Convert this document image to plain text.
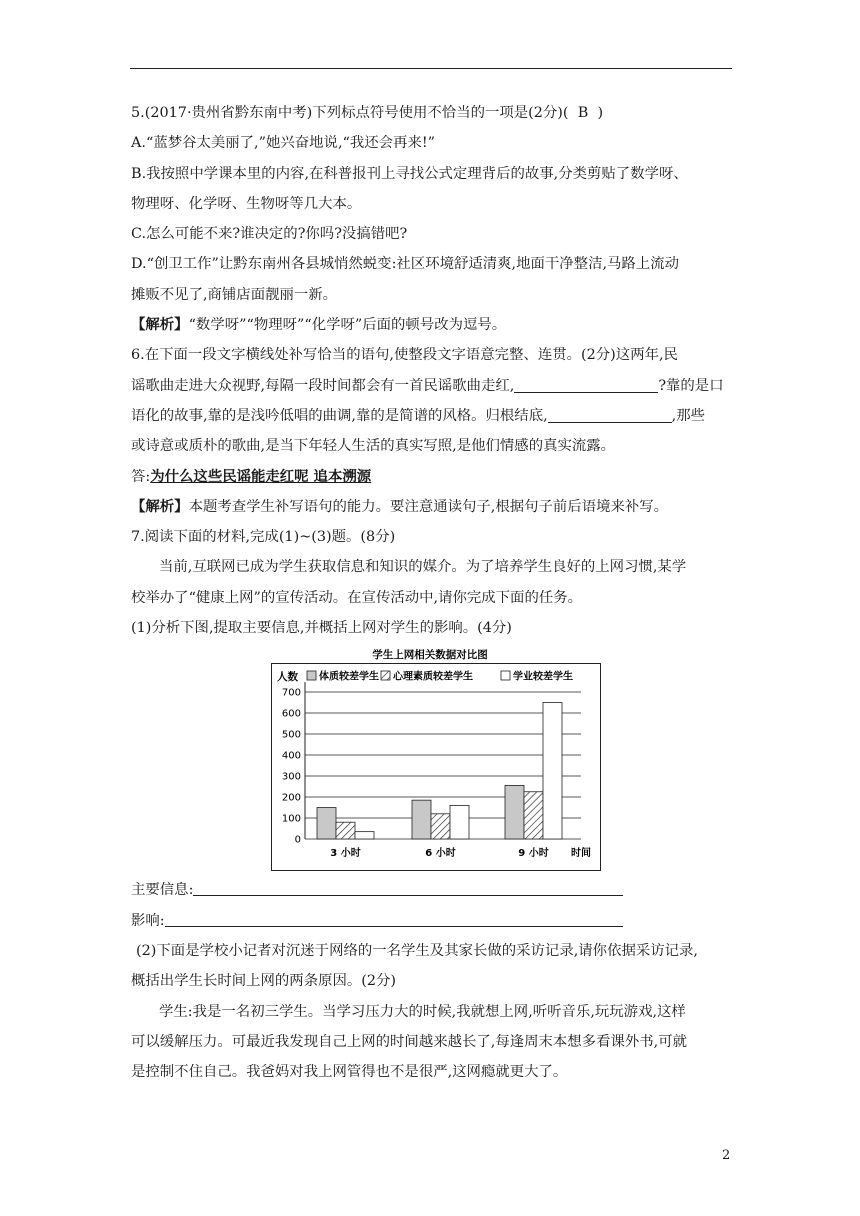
5.(2017·贵州省黔东南中考)下列标点符号使用不恰当的一项是(2分)( B )
A.“蓝梦谷太美丽了,”她兴奋地说,“我还会再来!”
B.我按照中学课本里的内容,在科普报刊上寻找公式定理背后的故事,分类剪贴了数学呀、
物理呀、化学呀、生物呀等几大本。
C.怎么可能不来?谁决定的?你吗?没搞错吧?
D.“创卫工作”让黔东南州各县城悄然蜕变:社区环境舒适清爽,地面干净整洁,马路上流动
摊贩不见了,商铺店面靓丽一新。
【解析】“数学呀”“物理呀”“化学呀”后面的顿号改为逗号。
6.在下面一段文字横线处补写恰当的语句,使整段文字语意完整、连贯。(2分)这两年,民
谣歌曲走进大众视野,每隔一段时间都会有一首民谣歌曲走红,	?靠的是口
语化的故事,靠的是浅吟低唱的曲调,靠的是简谱的风格。归根结底,	,那些
或诗意或质朴的歌曲,是当下年轻人生活的真实写照,是他们情感的真实流露。
答:为什么这些民谣能走红呢 追本溯源
【解析】本题考查学生补写语句的能力。要注意通读句子,根据句子前后语境来补写。
7.阅读下面的材料,完成(1)~(3)题。(8分)
当前,互联网已成为学生获取信息和知识的媒介。为了培养学生良好的上网习惯,某学
校举办了“健康上网”的宣传活动。在宣传活动中,请你完成下面的任务。
(1)分析下图,提取主要信息,并概括上网对学生的影响。(4分)
学生上网相关数据对比图
0
100
200
300
400
500
600
700
人数 体质较差学生 心理素质较差学生	学业较差学生
3 小时	6 小时	9 小时 时间
主要信息:
影响:
(2)下面是学校小记者对沉迷于网络的一名学生及其家长做的采访记录,请你依据采访记录,
概括出学生长时间上网的两条原因。(2分)
学生:我是一名初三学生。当学习压力大的时候,我就想上网,听听音乐,玩玩游戏,这样
可以缓解压力。可最近我发现自己上网的时间越来越长了,每逢周末本想多看课外书,可就
是控制不住自己。我爸妈对我上网管得也不是很严,这网瘾就更大了。
2
